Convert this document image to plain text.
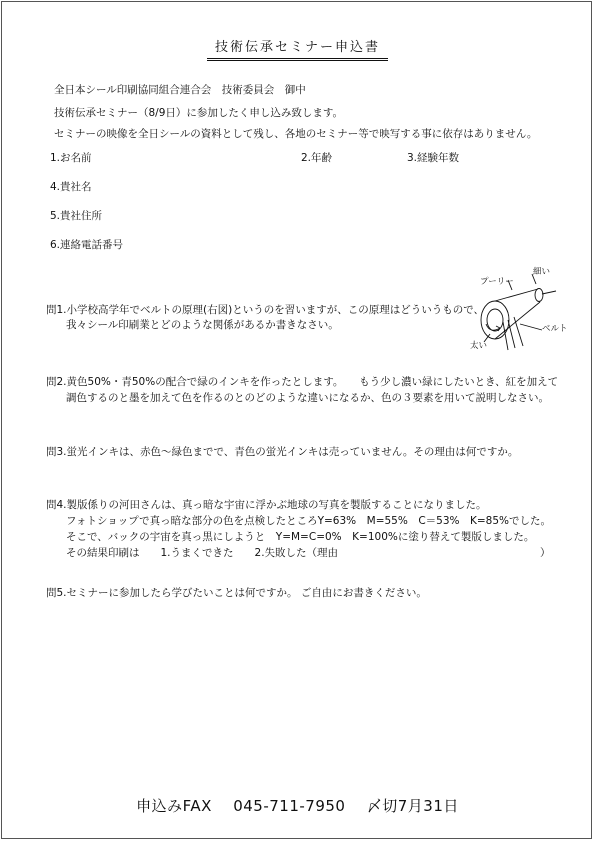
技術伝承セミナー申込書
全日本シール印刷協同組合連合会　技術委員会　御中
技術伝承セミナー（8/9日）に参加したく申し込み致します。
セミナーの映像を全日シールの資料として残し、各地のセミナー等で映写する事に依存はありません。
1.お名前	2.年齢	3.経験年数
4.貴社名
5.貴社住所
6.連絡電話番号
問1.小学校高学年でベルトの原理(右図)というのを習いますが、この原理はどういうもので、
我々シール印刷業とどのような関係があるか書きなさい。
細い
プーリー
ベルト
太い
問2.黄色50%・青50%の配合で緑のインキを作ったとします。　　もう少し濃い緑にしたいとき、紅を加えて
調色するのと墨を加えて色を作るのとのどのような違いになるか、色の３要素を用いて説明しなさい。
問3.蛍光インキは、赤色～緑色までで、青色の蛍光インキは売っていません。その理由は何ですか。
問4.製版係りの河田さんは、真っ暗な宇宙に浮かぶ地球の写真を製版することになりました。
フォトショップで真っ暗な部分の色を点検したところY=63%　M=55%　C＝53%　K=85%でした。
そこで、バックの宇宙を真っ黒にしようと　Y=M=C=0%　K=100%に塗り替えて製版しました。
その結果印刷は　　1.うまくできた　　2.失敗した（理由	）
問5.セミナーに参加したら学びたいことは何ですか。 ご自由にお書きください。
申込みFAX 045-711-7950 〆切7月31日
